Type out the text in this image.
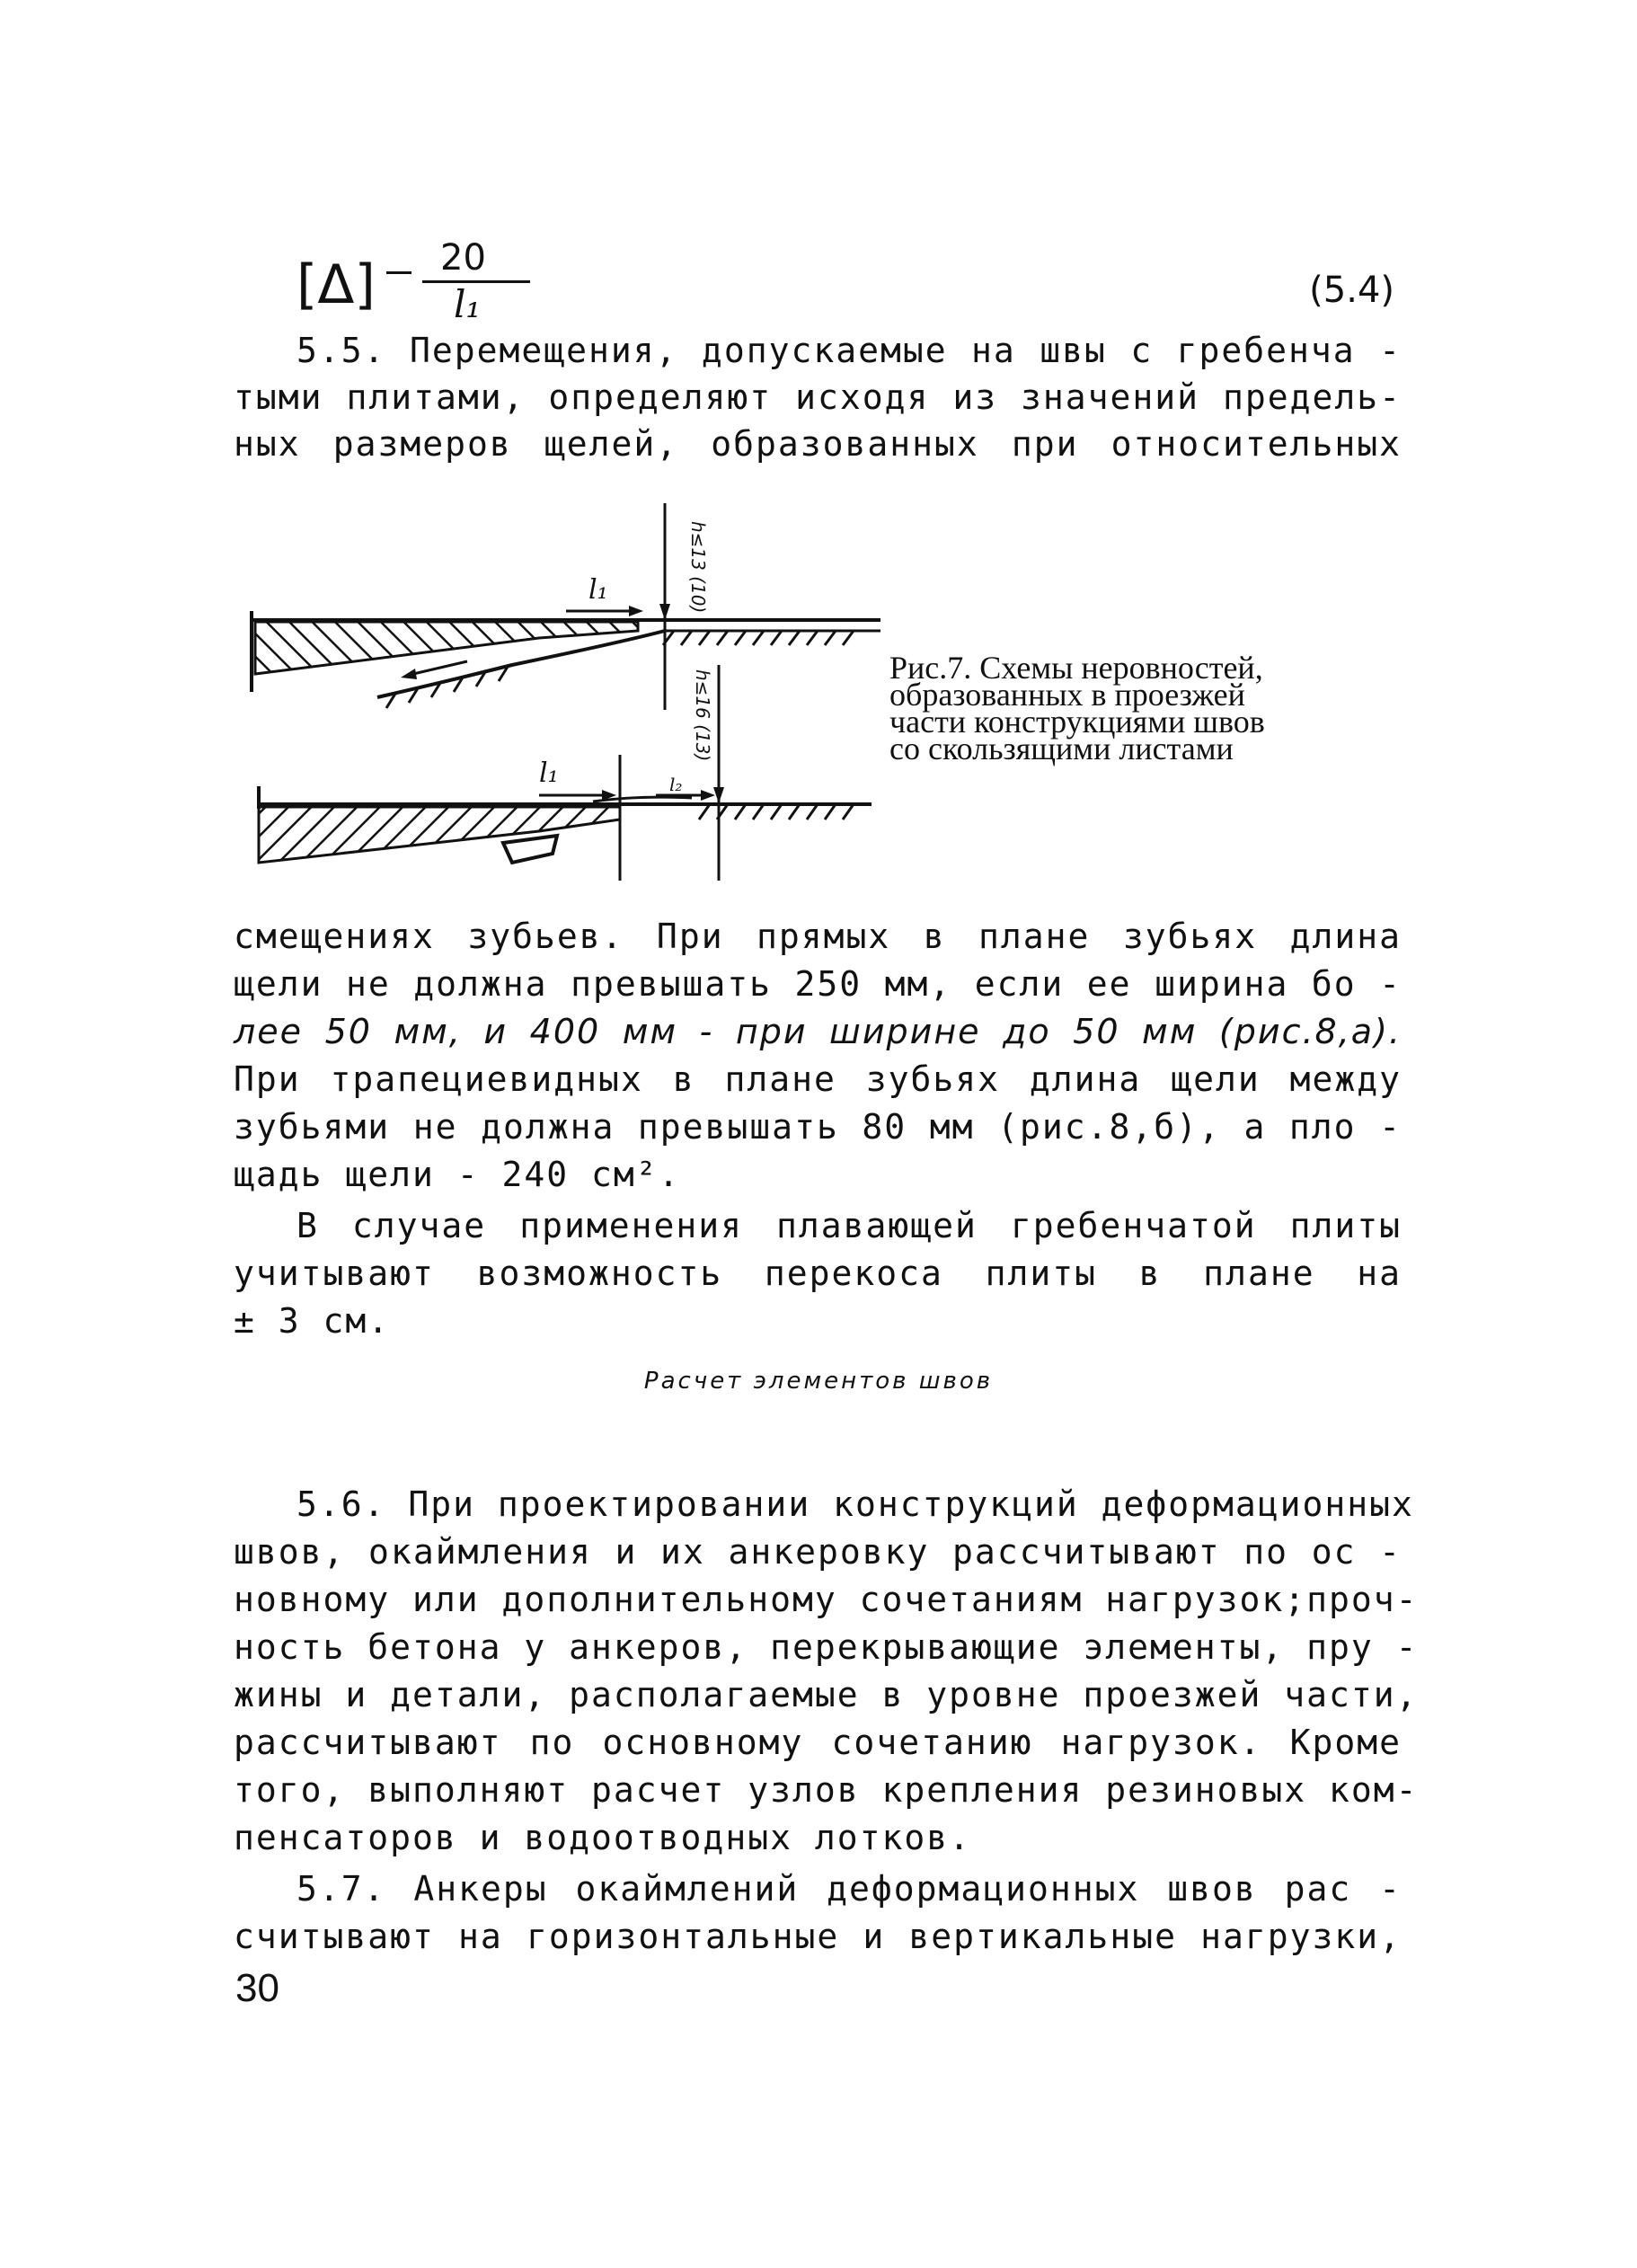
[Δ] 20
l₁	(5.4)
5.5. Перемещения, допускаемые на швы с гребенча -
тыми плитами, определяют исходя из значений предель-
ных размеров щелей, образованных при относительных
l₁	h≤13 (10)
l₁	l₂
h≤16 (13)
Рис.7. Схемы неровностей,
образованных в проезжей
части конструкциями швов
со скользящими листами
смещениях зубьев. При прямых в плане зубьях длина
щели не должна превышать 250 мм, если ее ширина бо -
лее 50 мм, и 400 мм - при ширине до 50 мм (рис.8,а).
При трапециевидных в плане зубьях длина щели между
зубьями не должна превышать 80 мм (рис.8,б), а пло -
щадь щели - 240 см².
В случае применения плавающей гребенчатой плиты
учитывают возможность перекоса плиты в плане на
± 3 см.
Расчет элементов швов
5.6. При проектировании конструкций деформационных
швов, окаймления и их анкеровку рассчитывают по ос -
новному или дополнительному сочетаниям нагрузок;проч-
ность бетона у анкеров, перекрывающие элементы, пру -
жины и детали, располагаемые в уровне проезжей части,
рассчитывают по основному сочетанию нагрузок. Кроме
того, выполняют расчет узлов крепления резиновых ком-
пенсаторов и водоотводных лотков.
5.7. Анкеры окаймлений деформационных швов рас -
считывают на горизонтальные и вертикальные нагрузки,
30
